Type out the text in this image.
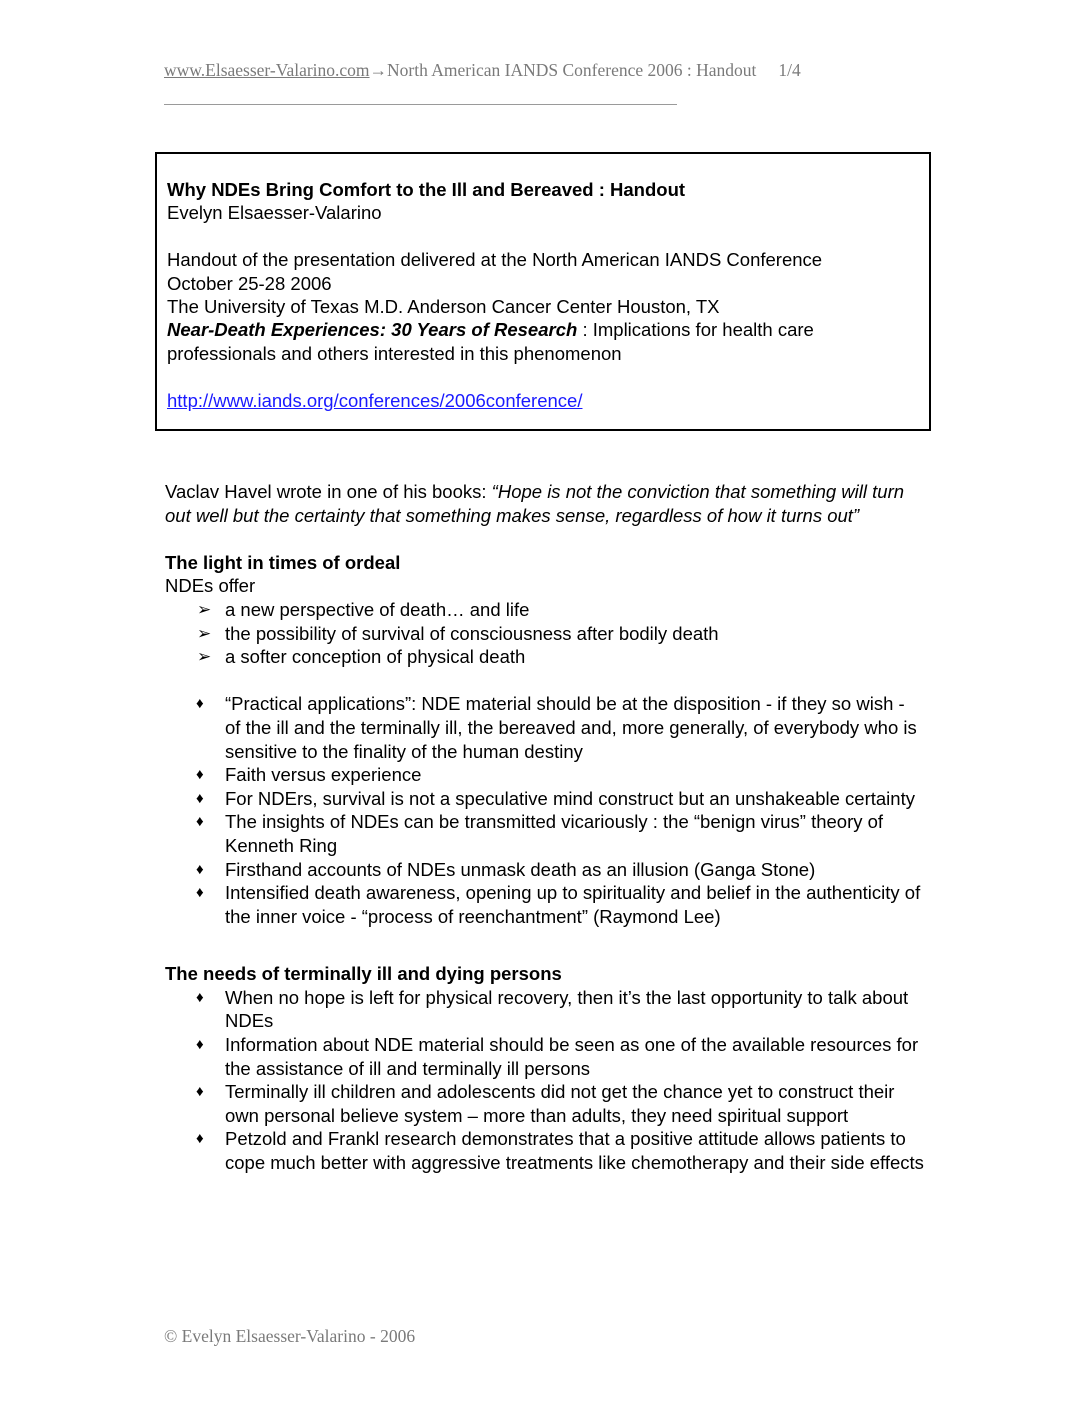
www.Elsaesser-Valarino.com→North American IANDS Conference 2006 : Handout 1/4
Why NDEs Bring Comfort to the Ill and Bereaved : Handout
Evelyn Elsaesser-Valarino
Handout of the presentation delivered at the North American IANDS Conference
October 25-28 2006
The University of Texas M.D. Anderson Cancer Center Houston, TX
Near-Death Experiences: 30 Years of Research : Implications for health care
professionals and others interested in this phenomenon
http://www.iands.org/conferences/2006conference/

Vaclav Havel wrote in one of his books: “Hope is not the conviction that something will turn out well but the certainty that something makes sense, regardless of how it turns out”

The light in times of ordeal

NDEs offer

➢ a new perspective of death… and life
➢ the possibility of survival of consciousness after bodily death
➢ a softer conception of physical death
♦ “Practical applications”: NDE material should be at the disposition - if they so wish - of the ill and the terminally ill, the bereaved and, more generally, of everybody who is sensitive to the finality of the human destiny
♦ Faith versus experience
♦ For NDErs, survival is not a speculative mind construct but an unshakeable certainty
♦ The insights of NDEs can be transmitted vicariously : the “benign virus” theory of Kenneth Ring
♦ Firsthand accounts of NDEs unmask death as an illusion (Ganga Stone)
♦ Intensified death awareness, opening up to spirituality and belief in the authenticity of the inner voice - “process of reenchantment” (Raymond Lee)

The needs of terminally ill and dying persons

♦ When no hope is left for physical recovery, then it’s the last opportunity to talk about NDEs
♦ Information about NDE material should be seen as one of the available resources for the assistance of ill and terminally ill persons
♦ Terminally ill children and adolescents did not get the chance yet to construct their own personal believe system – more than adults, they need spiritual support
♦ Petzold and Frankl research demonstrates that a positive attitude allows patients to cope much better with aggressive treatments like chemotherapy and their side effects
© Evelyn Elsaesser-Valarino - 2006
